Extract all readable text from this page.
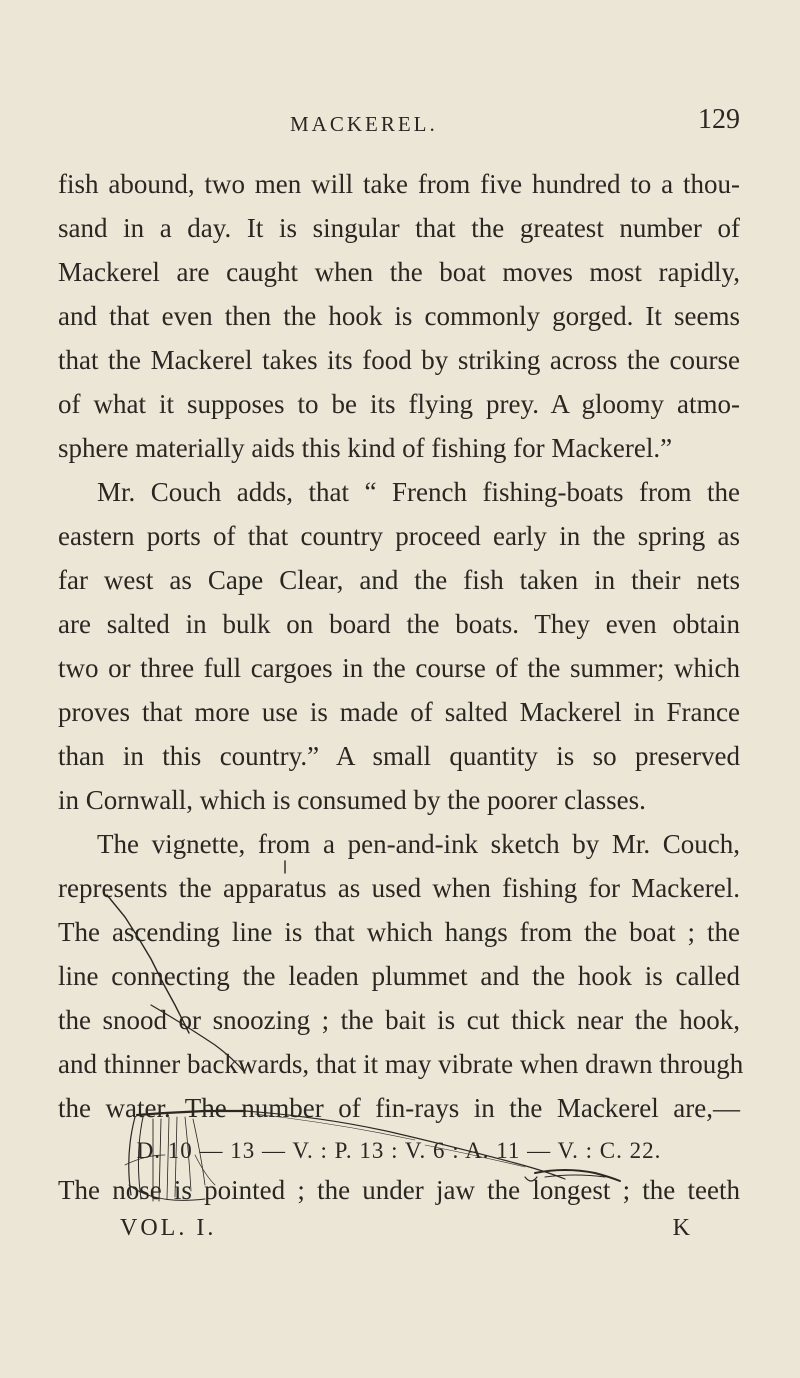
MACKEREL.	129
fish abound, two men will take from five hundred to a thou-
sand in a day. It is singular that the greatest number of
Mackerel are caught when the boat moves most rapidly,
and that even then the hook is commonly gorged. It seems
that the Mackerel takes its food by striking across the course
of what it supposes to be its flying prey. A gloomy atmo-
sphere materially aids this kind of fishing for Mackerel.”
Mr. Couch adds, that “ French fishing-boats from the
eastern ports of that country proceed early in the spring as
far west as Cape Clear, and the fish taken in their nets
are salted in bulk on board the boats. They even obtain
two or three full cargoes in the course of the summer; which
proves that more use is made of salted Mackerel in France
than in this country.” A small quantity is so preserved
in Cornwall, which is consumed by the poorer classes.
The vignette, from a pen-and-ink sketch by Mr. Couch,
represents the apparatus as used when fishing for Mackerel.
The ascending line is that which hangs from the boat ; the
line connecting the leaden plummet and the hook is called
the snood or snoozing ; the bait is cut thick near the hook,
and thinner backwards, that it may vibrate when drawn through
the water. The number of fin-rays in the Mackerel are,—
D. 10 — 13 — V. : P. 13 : V. 6 : A. 11 — V. : C. 22.
The nose is pointed ; the under jaw the longest ; the teeth
VOL. I.	K
